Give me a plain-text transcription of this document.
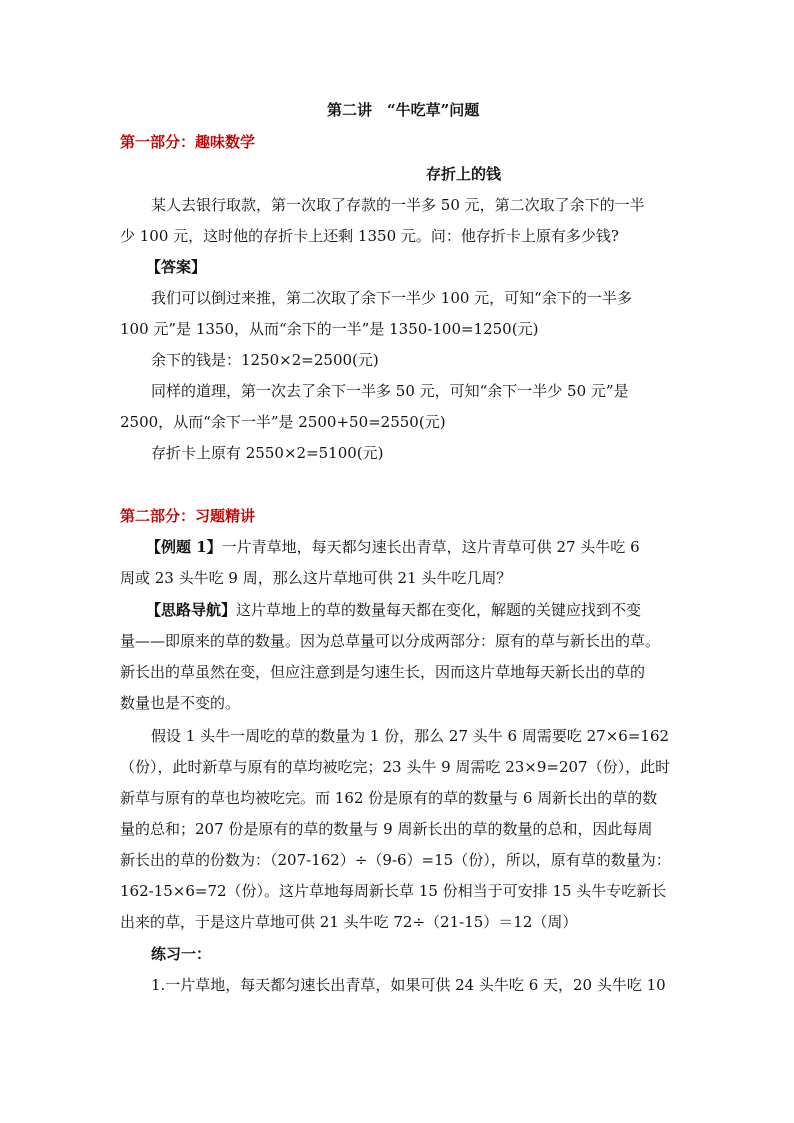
第二讲　“牛吃草”问题
第一部分：趣味数学
存折上的钱
某人去银行取款，第一次取了存款的一半多 50 元，第二次取了余下的一半
少 100 元，这时他的存折卡上还剩 1350 元。问：他存折卡上原有多少钱?
【答案】
我们可以倒过来推，第二次取了余下一半少 100 元，可知“余下的一半多
100 元”是 1350，从而“余下的一半”是 1350-100=1250(元)
余下的钱是：1250×2=2500(元)
同样的道理，第一次去了余下一半多 50 元，可知“余下一半少 50 元”是
2500，从而“余下一半”是 2500+50=2550(元)
存折卡上原有 2550×2=5100(元)
第二部分：习题精讲
【例题 1】一片青草地，每天都匀速长出青草，这片青草可供 27 头牛吃 6
周或 23 头牛吃 9 周，那么这片草地可供 21 头牛吃几周？
【思路导航】这片草地上的草的数量每天都在变化，解题的关键应找到不变
量——即原来的草的数量。因为总草量可以分成两部分：原有的草与新长出的草。
新长出的草虽然在变，但应注意到是匀速生长，因而这片草地每天新长出的草的
数量也是不变的。
假设 1 头牛一周吃的草的数量为 1 份，那么 27 头牛 6 周需要吃 27×6=162
（份），此时新草与原有的草均被吃完；23 头牛 9 周需吃 23×9=207（份），此时
新草与原有的草也均被吃完。而 162 份是原有的草的数量与 6 周新长出的草的数
量的总和；207 份是原有的草的数量与 9 周新长出的草的数量的总和，因此每周
新长出的草的份数为：（207-162）÷（9-6）=15（份），所以，原有草的数量为：
162-15×6=72（份）。这片草地每周新长草 15 份相当于可安排 15 头牛专吃新长
出来的草，于是这片草地可供 21 头牛吃 72÷（21-15）＝12（周）
练习一：
1.一片草地，每天都匀速长出青草，如果可供 24 头牛吃 6 天，20 头牛吃 10
